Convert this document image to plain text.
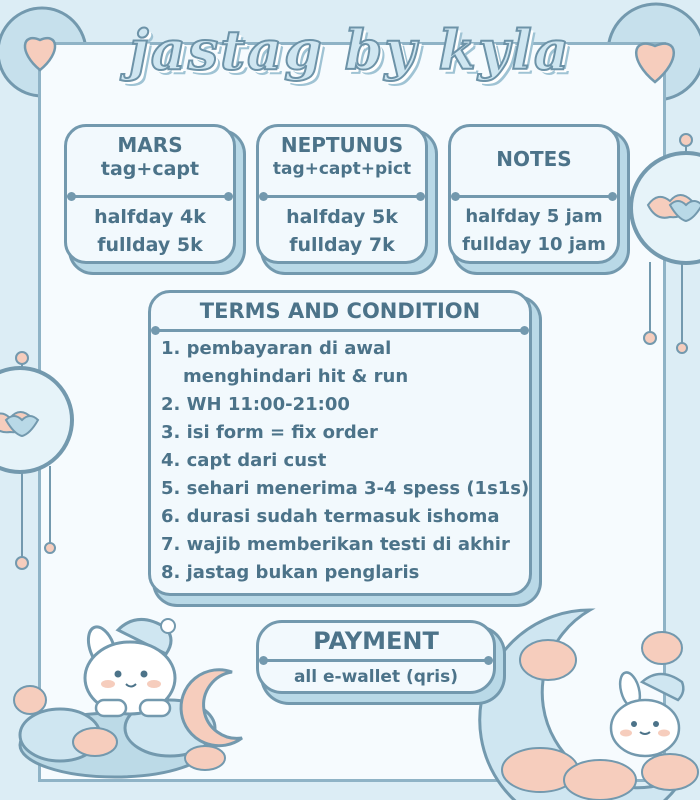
jastag by kyla
MARS
tag+capt
halfday 4k
fullday 5k
NEPTUNUS
tag+capt+pict
halfday 5k
fullday 7k
NOTES
halfday 5 jam
fullday 10 jam
TERMS AND CONDITION
1. pembayaran di awal
menghindari hit & run
2. WH 11:00-21:00
3. isi form = fix order
4. capt dari cust
5. sehari menerima 3-4 spess (1s1s)
6. durasi sudah termasuk ishoma
7. wajib memberikan testi di akhir
8. jastag bukan penglaris
PAYMENT
all e-wallet (qris)
